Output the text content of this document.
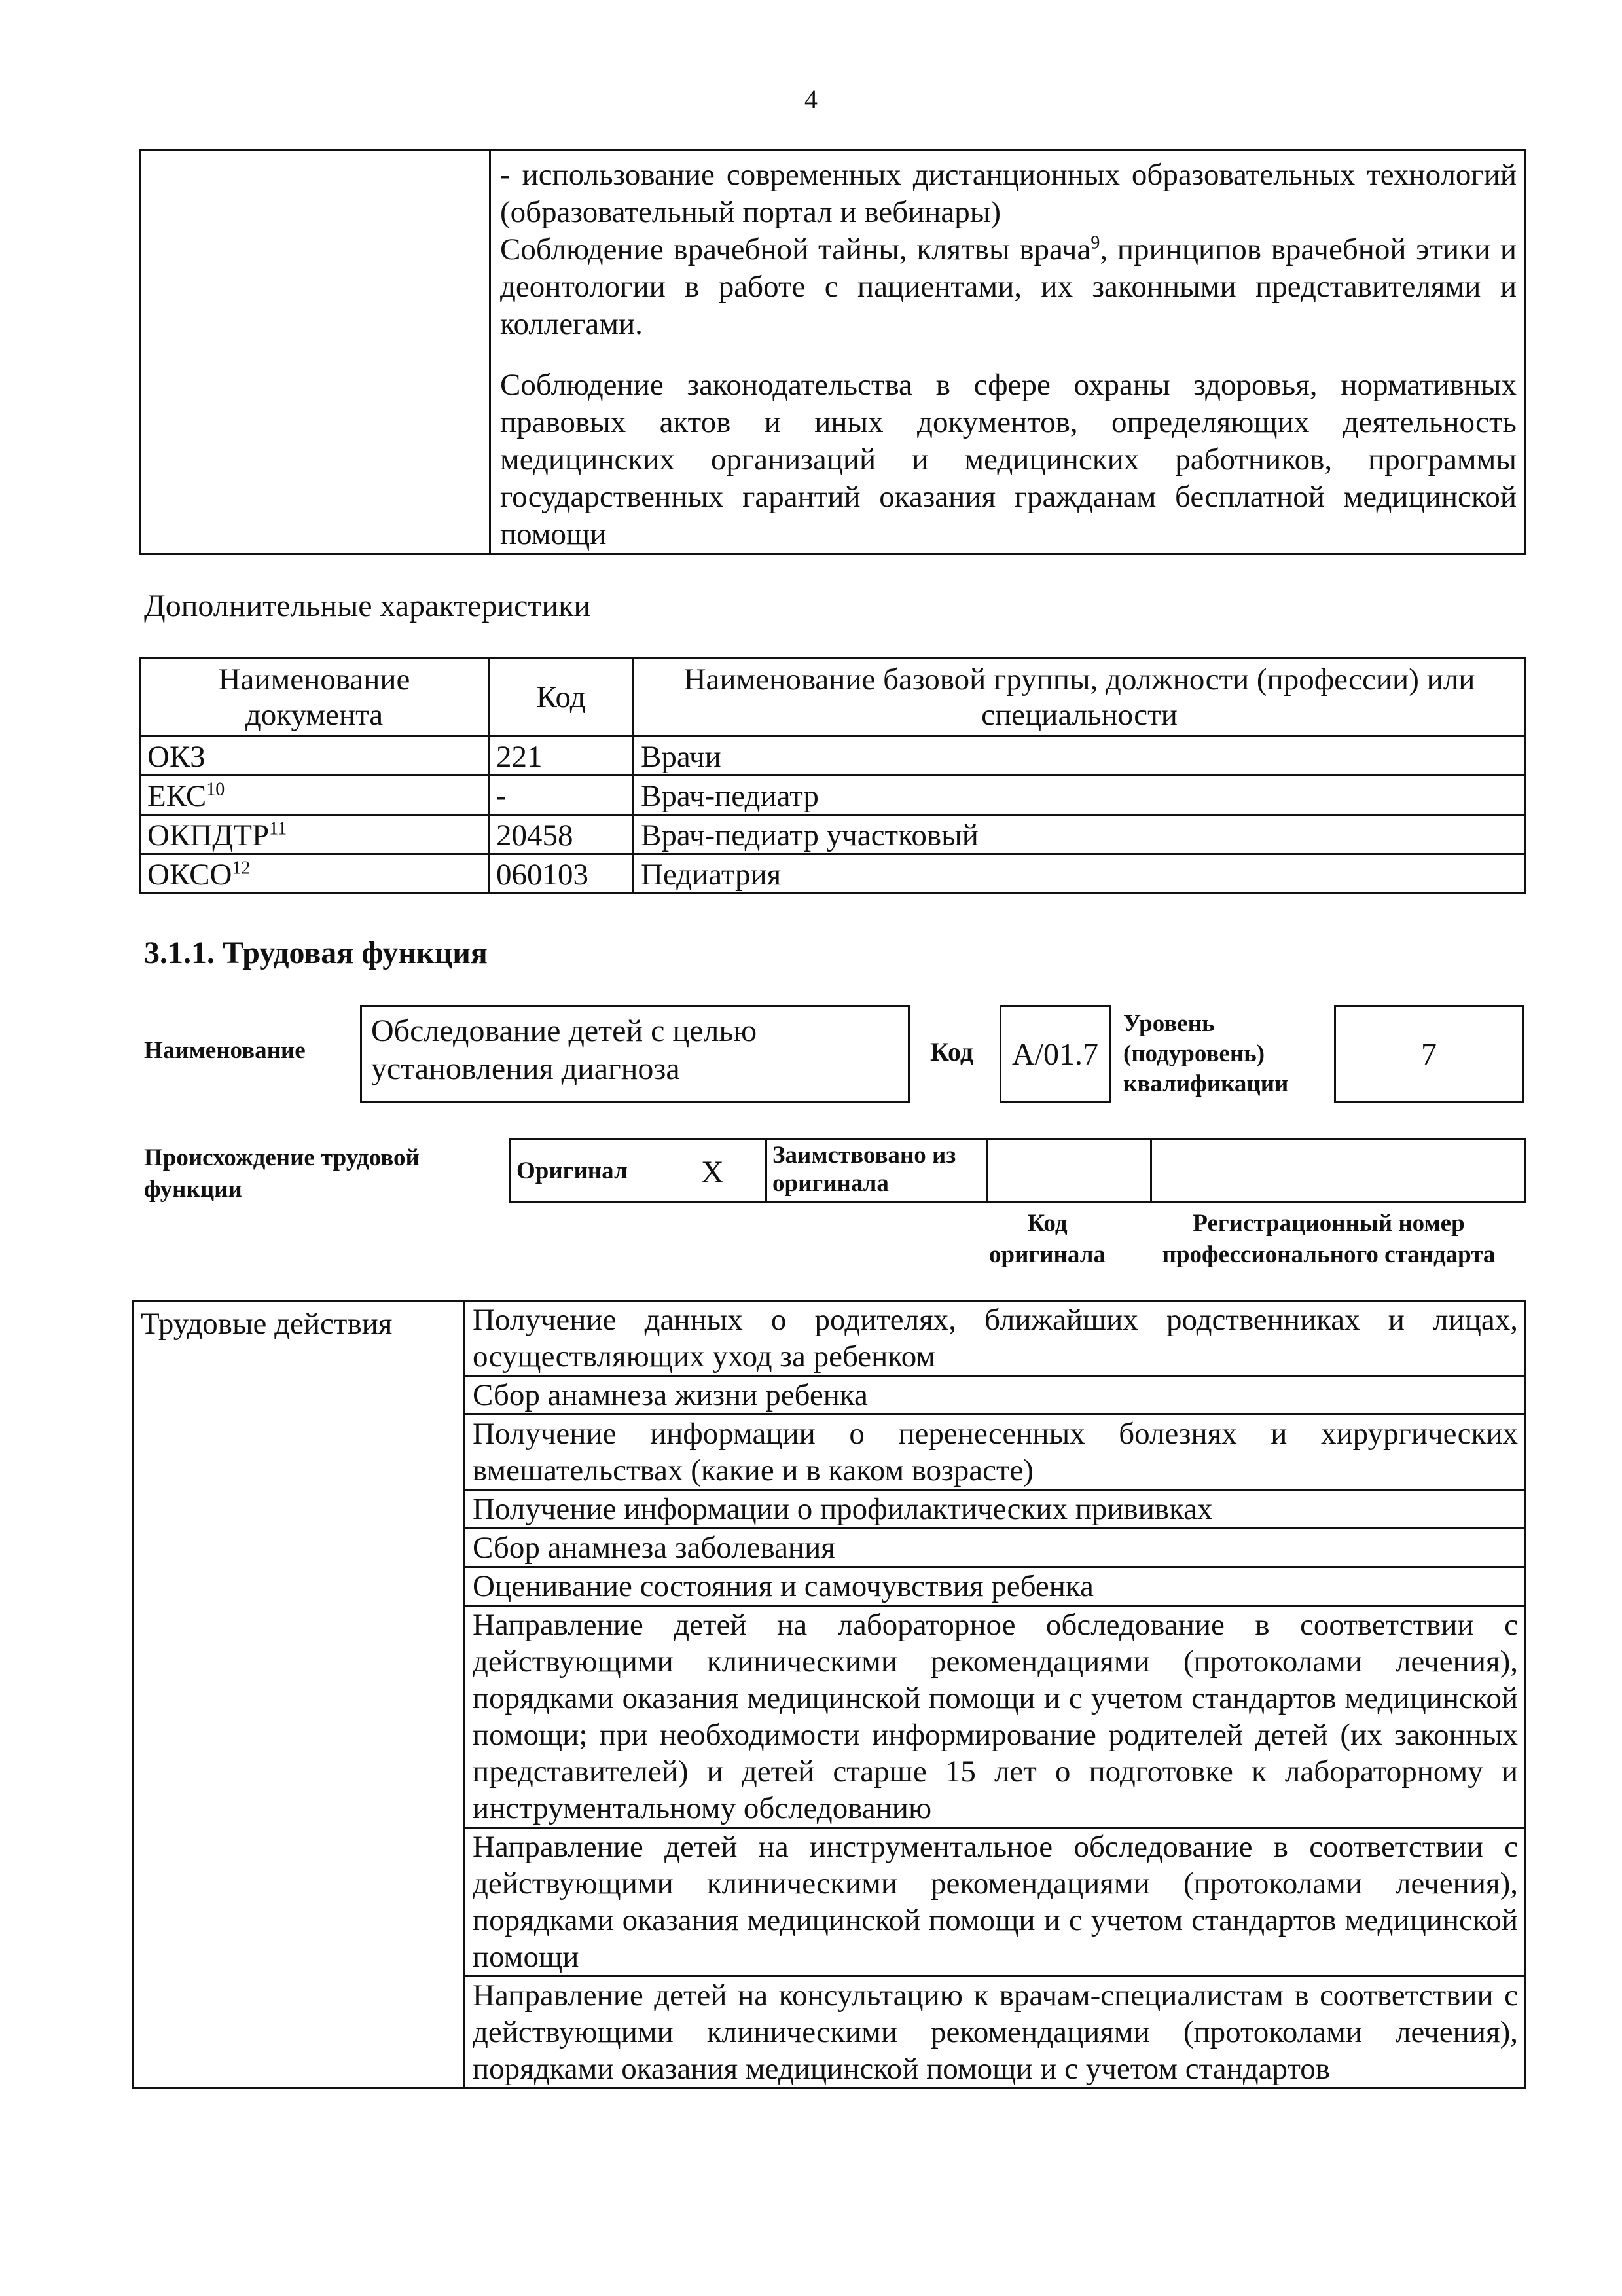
4

- использование современных дистанционных образовательных технологий (образовательный портал и вебинары)
Соблюдение врачебной тайны, клятвы врача$^9$, принципов врачебной этики и деонтологии в работе с пациентами, их законными представителями и коллегами.
Соблюдение законодательства в сфере охраны здоровья, нормативных правовых актов и иных документов, определяющих деятельность медицинских организаций и медицинских работников, программы государственных гарантий оказания гражданам бесплатной медицинской помощи
Дополнительные характеристики
Наименование документа	Код	Наименование базовой группы, должности (профессии) или специальности
ОКЗ	221	Врачи
ЕКС$^{10}$	-	Врач-педиатр
ОКПДТР$^{11}$	20458	Врач-педиатр участковый
ОКСО$^{12}$	060103	Педиатрия
3.1.1. Трудовая функция
Наименование
Обследование детей с целью установления диагноза	Код	A/01.7
Уровень (подуровень) квалификации
7
Происхождение трудовой функции
Оригинал X	Заимствовано из оригинала		
Код оригинала
Регистрационный номер профессионального стандарта
Трудовые действия	Получение данных о родителях, ближайших родственниках и лицах, осуществляющих уход за ребенком
Сбор анамнеза жизни ребенка
Получение информации о перенесенных болезнях и хирургических вмешательствах (какие и в каком возрасте)
Получение информации о профилактических прививках
Сбор анамнеза заболевания
Оценивание состояния и самочувствия ребенка
Направление детей на лабораторное обследование в соответствии с действующими клиническими рекомендациями (протоколами лечения), порядками оказания медицинской помощи и с учетом стандартов медицинской помощи; при необходимости информирование родителей детей (их законных представителей) и детей старше 15 лет о подготовке к лабораторному и инструментальному обследованию
Направление детей на инструментальное обследование в соответствии с действующими клиническими рекомендациями (протоколами лечения), порядками оказания медицинской помощи и с учетом стандартов медицинской помощи
Направление детей на консультацию к врачам-специалистам в соответствии с действующими клиническими рекомендациями (протоколами лечения), порядками оказания медицинской помощи и с учетом стандартов
